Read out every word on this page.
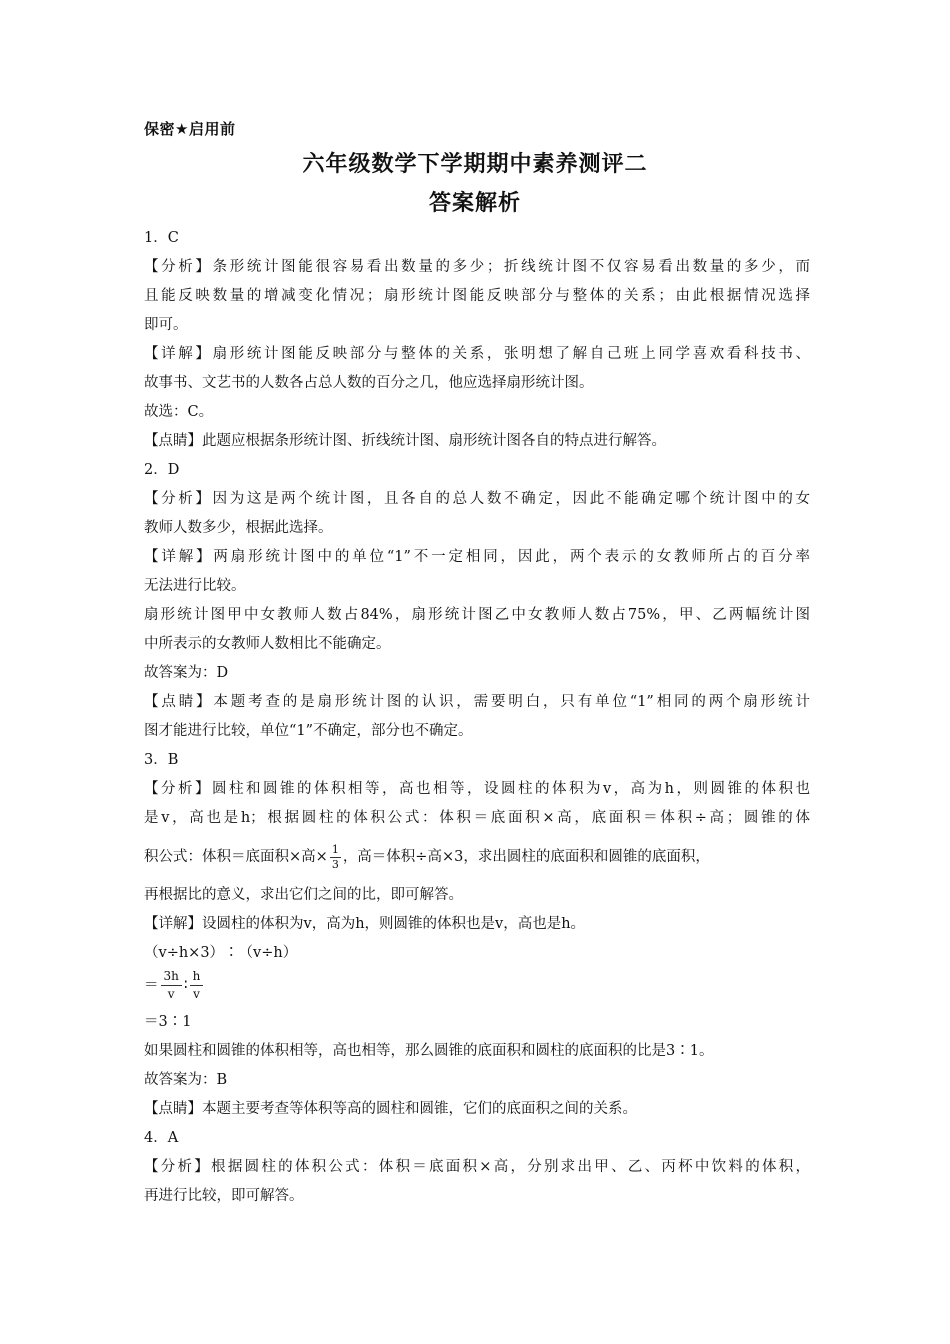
保密★启用前
六年级数学下学期期中素养测评二
答案解析
1．C
【分析】条形统计图能很容易看出数量的多少；折线统计图不仅容易看出数量的多少，而
且能反映数量的增减变化情况；扇形统计图能反映部分与整体的关系；由此根据情况选择
即可。
【详解】扇形统计图能反映部分与整体的关系，张明想了解自己班上同学喜欢看科技书、
故事书、文艺书的人数各占总人数的百分之几，他应选择扇形统计图。
故选：C。
【点睛】此题应根据条形统计图、折线统计图、扇形统计图各自的特点进行解答。
2．D
【分析】因为这是两个统计图，且各自的总人数不确定，因此不能确定哪个统计图中的女
教师人数多少，根据此选择。
【详解】两扇形统计图中的单位“1”不一定相同，因此，两个表示的女教师所占的百分率
无法进行比较。
扇形统计图甲中女教师人数占84%，扇形统计图乙中女教师人数占75%，甲、乙两幅统计图
中所表示的女教师人数相比不能确定。
故答案为：D
【点睛】本题考查的是扇形统计图的认识，需要明白，只有单位“1”相同的两个扇形统计
图才能进行比较，单位“1”不确定，部分也不确定。
3．B
【分析】圆柱和圆锥的体积相等，高也相等，设圆柱的体积为v，高为h，则圆锥的体积也
是v，高也是h；根据圆柱的体积公式：体积＝底面积×高，底面积＝体积÷高；圆锥的体
积公式：体积＝底面积×高× $\frac{1}{3}$ ，高＝体积÷高×3，求出圆柱的底面积和圆锥的底面积，
再根据比的意义，求出它们之间的比，即可解答。
【详解】设圆柱的体积为v，高为h，则圆锥的体积也是v，高也是h。
（v÷h×3）∶（v÷h）
＝ $\frac{3h}{v}$ ∶ $\frac{h}{v}$
＝3∶1
如果圆柱和圆锥的体积相等，高也相等，那么圆锥的底面积和圆柱的底面积的比是3∶1。
故答案为：B
【点睛】本题主要考查等体积等高的圆柱和圆锥，它们的底面积之间的关系。
4．A
【分析】根据圆柱的体积公式：体积＝底面积×高，分别求出甲、乙、丙杯中饮料的体积，
再进行比较，即可解答。
